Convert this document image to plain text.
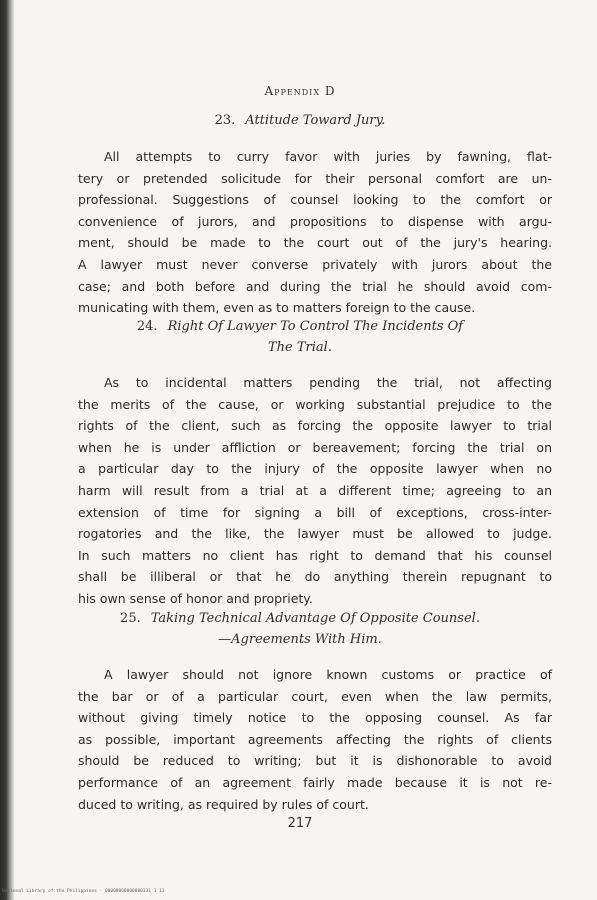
Appendix D
23. Attitude Toward Jury.
All attempts to curry favor with juries by fawning, flat-
tery or pretended solicitude for their personal comfort are un-
professional. Suggestions of counsel looking to the comfort or
convenience of jurors, and propositions to dispense with argu-
ment, should be made to the court out of the jury's hearing.
A lawyer must never converse privately with jurors about the
case; and both before and during the trial he should avoid com-
municating with them, even as to matters foreign to the cause.
24. Right Of Lawyer To Control The Incidents Of
The Trial.
As to incidental matters pending the trial, not affecting
the merits of the cause, or working substantial prejudice to the
rights of the client, such as forcing the opposite lawyer to trial
when he is under affliction or bereavement; forcing the trial on
a particular day to the injury of the opposite lawyer when no
harm will result from a trial at a different time; agreeing to an
extension of time for signing a bill of exceptions, cross-inter-
rogatories and the like, the lawyer must be allowed to judge.
In such matters no client has right to demand that his counsel
shall be illiberal or that he do anything therein repugnant to
his own sense of honor and propriety.
25. Taking Technical Advantage Of Opposite Counsel.
—Agreements With Him.
A lawyer should not ignore known customs or practice of
the bar or of a particular court, even when the law permits,
without giving timely notice to the opposing counsel. As far
as possible, important agreements affecting the rights of clients
should be reduced to writing; but it is dishonorable to avoid
performance of an agreement fairly made because it is not re-
duced to writing, as required by rules of court.
217
National Library of the Philippines · 00000000000000331 1 13
